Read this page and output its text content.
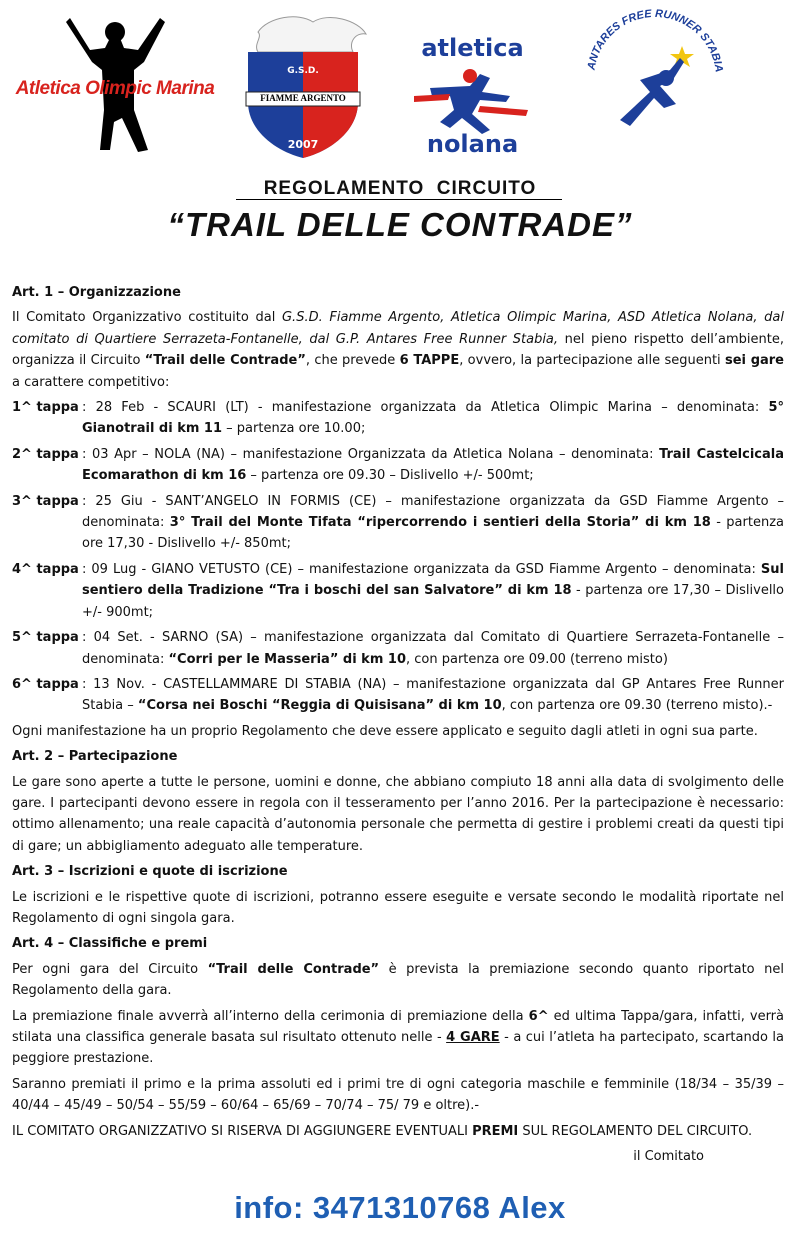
Atletica Olimpic Marina
G.S.D.
FIAMME ARGENTO
2007
atletica
nolana
ANTARES FREE RUNNER STABIA
REGOLAMENTO  CIRCUITO
“TRAIL DELLE CONTRADE”
Art. 1 – Organizzazione

Il Comitato Organizzativo costituito dal G.S.D. Fiamme Argento, Atletica Olimpic Marina, ASD Atletica Nolana, dal comitato di Quartiere Serrazeta-Fontanelle, dal G.P. Antares Free Runner Stabia, nel pieno rispetto dell’ambiente, organizza il Circuito “Trail delle Contrade”, che prevede 6 TAPPE, ovvero, la partecipazione alle seguenti sei gare a carattere competitivo:

1^ tappa : 28 Feb - SCAURI (LT) - manifestazione organizzata da Atletica Olimpic Marina – denominata: 5° Gianotrail di km 11 – partenza ore 10.00;
2^ tappa : 03 Apr – NOLA (NA) – manifestazione Organizzata da Atletica Nolana – denominata: Trail Castelcicala Ecomarathon di km 16 – partenza ore 09.30 – Dislivello +/- 500mt;
3^ tappa : 25 Giu - SANT’ANGELO IN FORMIS (CE) – manifestazione organizzata da GSD Fiamme Argento – denominata: 3° Trail del Monte Tifata “ripercorrendo i sentieri della Storia” di km 18 - partenza ore 17,30 - Dislivello +/- 850mt;
4^ tappa : 09 Lug - GIANO VETUSTO (CE) – manifestazione organizzata da GSD Fiamme Argento – denominata: Sul sentiero della Tradizione “Tra i boschi del san Salvatore” di km 18 - partenza ore 17,30 – Dislivello +/- 900mt;
5^ tappa : 04 Set. - SARNO (SA) – manifestazione organizzata dal Comitato di Quartiere Serrazeta-Fontanelle – denominata: “Corri per le Masseria” di km 10, con partenza ore 09.00 (terreno misto)
6^ tappa : 13 Nov. - CASTELLAMMARE DI STABIA (NA) – manifestazione organizzata dal GP Antares Free Runner Stabia – “Corsa nei Boschi “Reggia di Quisisana” di km 10, con partenza ore 09.30 (terreno misto).-

Ogni manifestazione ha un proprio Regolamento che deve essere applicato e seguito dagli atleti in ogni sua parte.

Art. 2 – Partecipazione

Le gare sono aperte a tutte le persone, uomini e donne, che abbiano compiuto 18 anni alla data di svolgimento delle gare. I partecipanti devono essere in regola con il tesseramento per l’anno 2016. Per la partecipazione è necessario: ottimo allenamento; una reale capacità d’autonomia personale che permetta di gestire i problemi creati da questi tipi di gare; un abbigliamento adeguato alle temperature.

Art. 3 – Iscrizioni e quote di iscrizione

Le iscrizioni e le rispettive quote di iscrizioni, potranno essere eseguite e versate secondo le modalità riportate nel Regolamento di ogni singola gara.

Art. 4 – Classifiche e premi

Per ogni gara del Circuito “Trail delle Contrade” è prevista la premiazione secondo quanto riportato nel Regolamento della gara.

La premiazione finale avverrà all’interno della cerimonia di premiazione della 6^ ed ultima Tappa/gara, infatti, verrà stilata una classifica generale basata sul risultato ottenuto nelle - 4 GARE - a cui l’atleta ha partecipato, scartando la peggiore prestazione.

Saranno premiati il primo e la prima assoluti ed i primi tre di ogni categoria maschile e femminile (18/34 – 35/39 – 40/44 – 45/49 – 50/54 – 55/59 – 60/64 – 65/69 – 70/74 – 75/ 79 e oltre).-

IL COMITATO ORGANIZZATIVO SI RISERVA DI AGGIUNGERE EVENTUALI PREMI SUL REGOLAMENTO DEL CIRCUITO.

il Comitato
info: 3471310768 Alex
